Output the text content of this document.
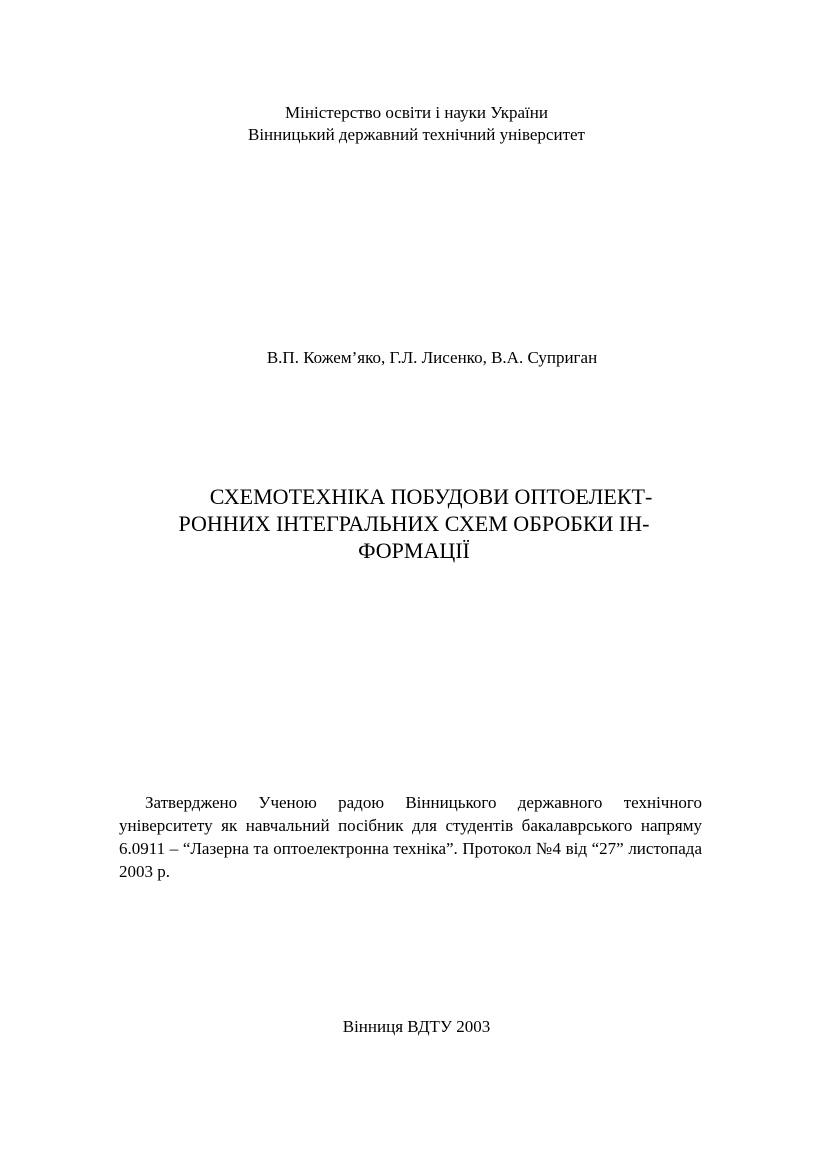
Міністерство освіти і науки України
Вінницький державний технічний університет
В.П. Кожем’яко, Г.Л. Лисенко, В.А. Суприган
СХЕМОТЕХНІКА ПОБУДОВИ ОПТОЕЛЕКТ-
РОННИХ ІНТЕГРАЛЬНИХ СХЕМ ОБРОБКИ ІН-
ФОРМАЦІЇ
Затверджено Ученою радою Вінницького державного технічного університету як навчальний посібник для студентів бакалаврського напряму 6.0911 – “Лазерна та оптоелектронна техніка”. Протокол №4 від “27” листопада 2003 р.
Вінниця ВДТУ 2003
